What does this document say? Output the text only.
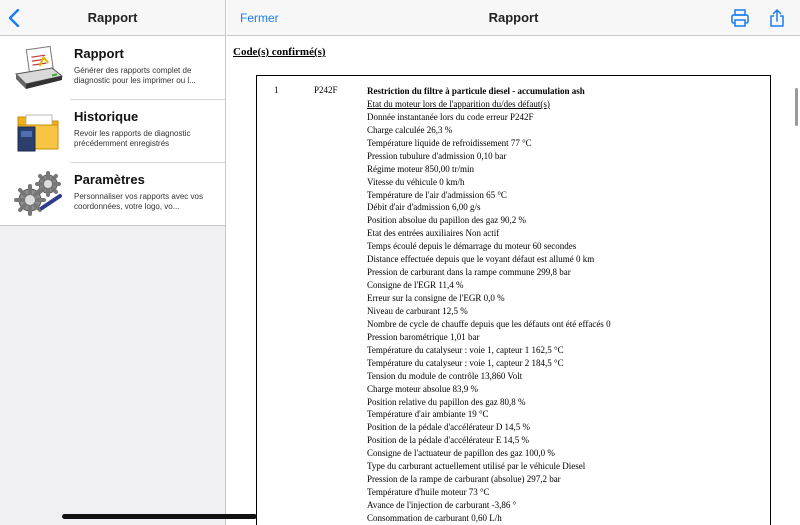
Rapport
Rapport
Générer des rapports complet de diagnostic pour les imprimer ou l...
Historique
Revoir les rapports de diagnostic précédemment enregistrés
Paramètres
Personnaliser vos rapports avec vos coordonnées, votre logo, vo...
Fermer	Rapport
Code(s) confirmé(s)
1	P242F	Restriction du filtre à particule diesel - accumulation ash
Etat du moteur lors de l'apparition du/des défaut(s)
Donnée instantanée lors du code erreur P242F
Charge calculée 26,3 %
Température liquide de refroidissement 77 °C
Pression tubulure d'admission 0,10 bar
Régime moteur 850,00 tr/min
Vitesse du véhicule 0 km/h
Température de l'air d'admission 65 °C
Débit d'air d'admission 6,00 g/s
Position absolue du papillon des gaz 90,2 %
Etat des entrées auxiliaires Non actif
Temps écoulé depuis le démarrage du moteur 60 secondes
Distance effectuée depuis que le voyant défaut est allumé 0 km
Pression de carburant dans la rampe commune 299,8 bar
Consigne de l'EGR 11,4 %
Erreur sur la consigne de l'EGR 0,0 %
Niveau de carburant 12,5 %
Nombre de cycle de chauffe depuis que les défauts ont été effacés 0
Pression barométrique 1,01 bar
Température du catalyseur : voie 1, capteur 1 162,5 °C
Température du catalyseur : voie 1, capteur 2 184,5 °C
Tension du module de contrôle 13,860 Volt
Charge moteur absolue 83,9 %
Position relative du papillon des gaz 80,8 %
Température d'air ambiante 19 °C
Position de la pédale d'accélérateur D 14,5 %
Position de la pédale d'accélérateur E 14,5 %
Consigne de l'actuateur de papillon des gaz 100,0 %
Type du carburant actuellement utilisé par le véhicule Diesel
Pression de la rampe de carburant (absolue) 297,2 bar
Température d'huile moteur 73 °C
Avance de l'injection de carburant -3,86 °
Consommation de carburant 0,60 L/h
